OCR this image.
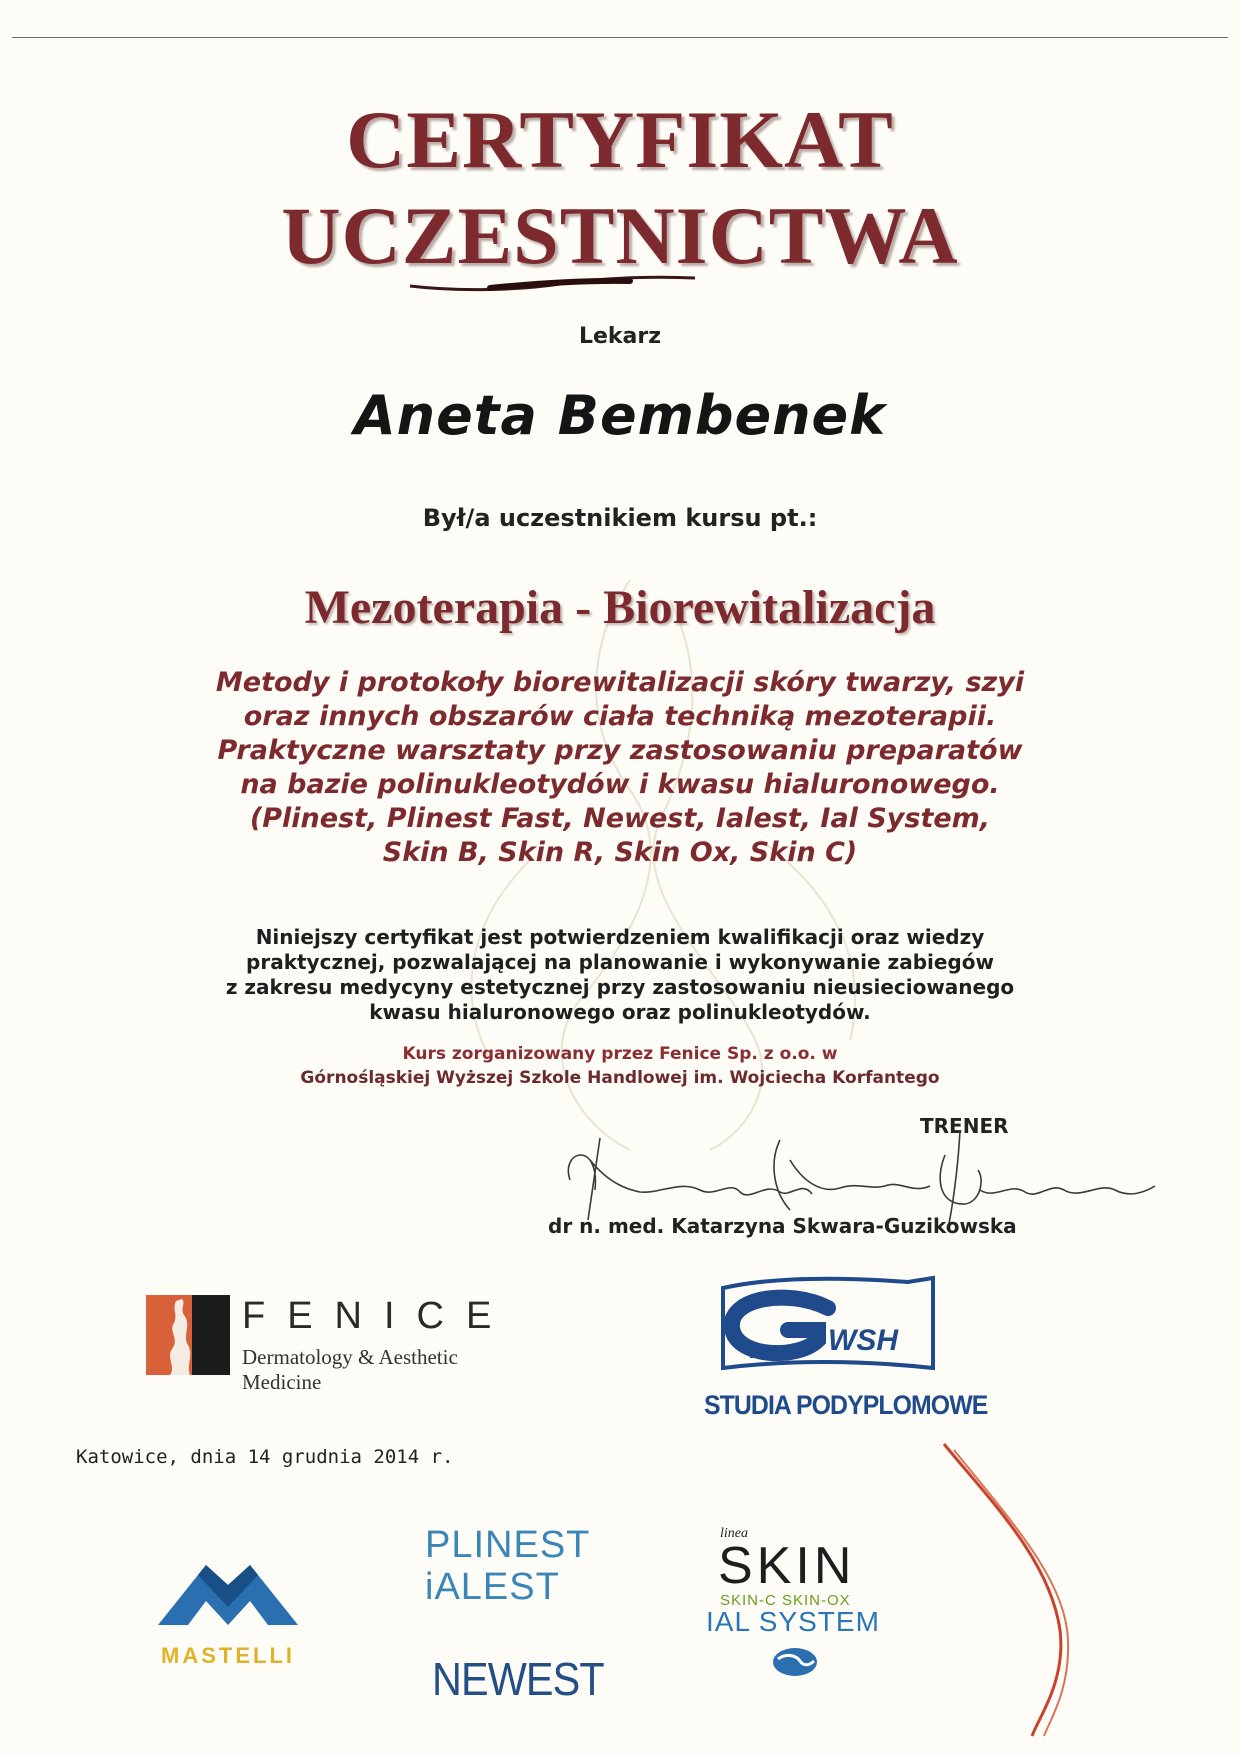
CERTYFIKAT
UCZESTNICTWA
Lekarz
Aneta Bembenek
Był/a uczestnikiem kursu pt.:
Mezoterapia - Biorewitalizacja
Metody i protokoły biorewitalizacji skóry twarzy, szyi
oraz innych obszarów ciała techniką mezoterapii.
Praktyczne warsztaty przy zastosowaniu preparatów
na bazie polinukleotydów i kwasu hialuronowego.
(Plinest, Plinest Fast, Newest, Ialest, Ial System,
Skin B, Skin R, Skin Ox, Skin C)
Niniejszy certyfikat jest potwierdzeniem kwalifikacji oraz wiedzy
praktycznej, pozwalającej na planowanie i wykonywanie zabiegów
z zakresu medycyny estetycznej przy zastosowaniu nieusieciowanego
kwasu hialuronowego oraz polinukleotydów.
Kurs zorganizowany przez Fenice Sp. z o.o. w
Górnośląskiej Wyższej Szkole Handlowej im. Wojciecha Korfantego
TRENER
dr n. med. Katarzyna Skwara-Guzikowska
FENICE
Dermatology & Aesthetic Medicine
1991 WSH
STUDIA PODYPLOMOWE
Katowice, dnia 14 grudnia 2014 r.
MASTELLI
PLINEST
iALEST
NEWEST
linea
SKIN
SKIN-C SKIN-OX
IAL SYSTEM
